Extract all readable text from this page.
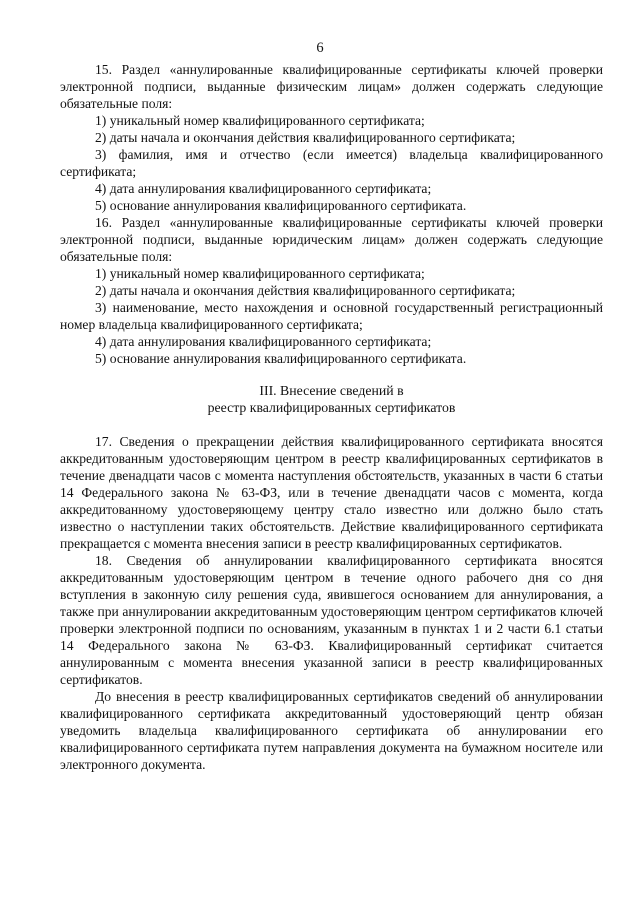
6

15. Раздел «аннулированные квалифицированные сертификаты ключей проверки электронной подписи, выданные физическим лицам» должен содержать следующие обязательные поля:

1) уникальный номер квалифицированного сертификата;

2) даты начала и окончания действия квалифицированного сертификата;

3) фамилия, имя и отчество (если имеется) владельца квалифицированного сертификата;

4) дата аннулирования квалифицированного сертификата;

5) основание аннулирования квалифицированного сертификата.

16. Раздел «аннулированные квалифицированные сертификаты ключей проверки электронной подписи, выданные юридическим лицам» должен содержать следующие обязательные поля:

1) уникальный номер квалифицированного сертификата;

2) даты начала и окончания действия квалифицированного сертификата;

3) наименование, место нахождения и основной государственный регистрационный номер владельца квалифицированного сертификата;

4) дата аннулирования квалифицированного сертификата;

5) основание аннулирования квалифицированного сертификата.

III. Внесение сведений в
реестр квалифицированных сертификатов

17. Сведения о прекращении действия квалифицированного сертификата вносятся аккредитованным удостоверяющим центром в реестр квалифицированных сертификатов в течение двенадцати часов с момента наступления обстоятельств, указанных в части 6 статьи 14 Федерального закона № 63-ФЗ, или в течение двенадцати часов с момента, когда аккредитованному удостоверяющему центру стало известно или должно было стать известно о наступлении таких обстоятельств. Действие квалифицированного сертификата прекращается с момента внесения записи в реестр квалифицированных сертификатов.

18. Сведения об аннулировании квалифицированного сертификата вносятся аккредитованным удостоверяющим центром в течение одного рабочего дня со дня вступления в законную силу решения суда, явившегося основанием для аннулирования, а также при аннулировании аккредитованным удостоверяющим центром сертификатов ключей проверки электронной подписи по основаниям, указанным в пунктах 1 и 2 части 6.1 статьи 14 Федерального закона № 63-ФЗ. Квалифицированный сертификат считается аннулированным с момента внесения указанной записи в реестр квалифицированных сертификатов.

До внесения в реестр квалифицированных сертификатов сведений об аннулировании квалифицированного сертификата аккредитованный удостоверяющий центр обязан уведомить владельца квалифицированного сертификата об аннулировании его квалифицированного сертификата путем направления документа на бумажном носителе или электронного документа.
